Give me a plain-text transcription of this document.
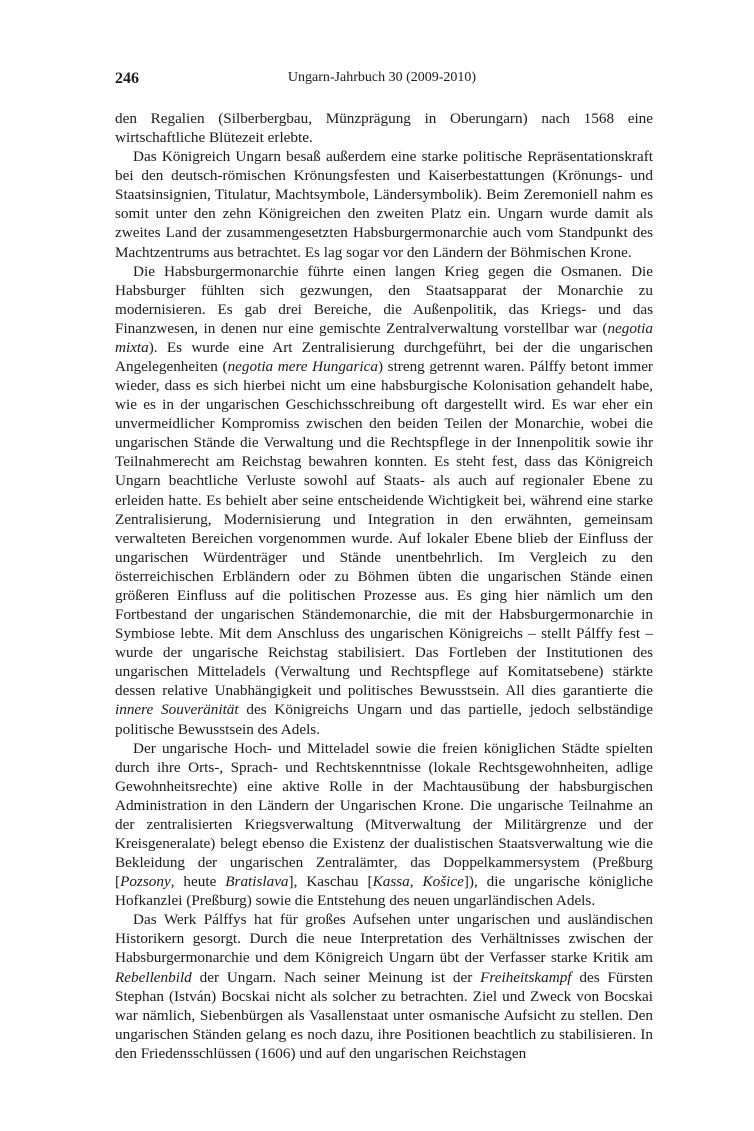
246	Ungarn-Jahrbuch 30 (2009-2010)

den Regalien (Silberbergbau, Münzprägung in Oberungarn) nach 1568 eine wirtschaftliche Blütezeit erlebte.

Das Königreich Ungarn besaß außerdem eine starke politische Repräsentationskraft bei den deutsch-römischen Krönungsfesten und Kaiserbestattungen (Krönungs- und Staatsinsignien, Titulatur, Machtsymbole, Ländersymbolik). Beim Zeremoniell nahm es somit unter den zehn Königreichen den zweiten Platz ein. Ungarn wurde damit als zweites Land der zusammengesetzten Habsburgermonarchie auch vom Standpunkt des Machtzentrums aus betrachtet. Es lag sogar vor den Ländern der Böhmischen Krone.

Die Habsburgermonarchie führte einen langen Krieg gegen die Osmanen. Die Habsburger fühlten sich gezwungen, den Staatsapparat der Monarchie zu modernisieren. Es gab drei Bereiche, die Außenpolitik, das Kriegs- und das Finanzwesen, in denen nur eine gemischte Zentralverwaltung vorstellbar war (negotia mixta). Es wurde eine Art Zentralisierung durchgeführt, bei der die ungarischen Angelegenheiten (negotia mere Hungarica) streng getrennt waren. Pálffy betont immer wieder, dass es sich hierbei nicht um eine habsburgische Kolonisation gehandelt habe, wie es in der ungarischen Geschichsschreibung oft dargestellt wird. Es war eher ein unvermeidlicher Kompromiss zwischen den beiden Teilen der Monarchie, wobei die ungarischen Stände die Verwaltung und die Rechtspflege in der Innenpolitik sowie ihr Teilnahmerecht am Reichstag bewahren konnten. Es steht fest, dass das Königreich Ungarn beachtliche Verluste sowohl auf Staats- als auch auf regionaler Ebene zu erleiden hatte. Es behielt aber seine entscheidende Wichtigkeit bei, während eine starke Zentralisierung, Modernisierung und Integration in den erwähnten, gemeinsam verwalteten Bereichen vorgenommen wurde. Auf lokaler Ebene blieb der Einfluss der ungarischen Würdenträger und Stände unentbehrlich. Im Vergleich zu den österreichischen Erbländern oder zu Böhmen übten die ungarischen Stände einen größeren Einfluss auf die politischen Prozesse aus. Es ging hier nämlich um den Fortbestand der ungarischen Ständemonarchie, die mit der Habsburgermonarchie in Symbiose lebte. Mit dem Anschluss des ungarischen Königreichs – stellt Pálffy fest – wurde der ungarische Reichstag stabilisiert. Das Fortleben der Institutionen des ungarischen Mitteladels (Verwaltung und Rechtspflege auf Komitatsebene) stärkte dessen relative Unabhängigkeit und politisches Bewusstsein. All dies garantierte die innere Souveränität des Königreichs Ungarn und das partielle, jedoch selbständige politische Bewusstsein des Adels.

Der ungarische Hoch- und Mitteladel sowie die freien königlichen Städte spielten durch ihre Orts-, Sprach- und Rechtskenntnisse (lokale Rechtsgewohnheiten, adlige Gewohnheitsrechte) eine aktive Rolle in der Machtausübung der habsburgischen Administration in den Ländern der Ungarischen Krone. Die ungarische Teilnahme an der zentralisierten Kriegsverwaltung (Mitverwaltung der Militärgrenze und der Kreisgeneralate) belegt ebenso die Existenz der dualistischen Staatsverwaltung wie die Bekleidung der ungarischen Zentralämter, das Doppelkammersystem (Preßburg [Pozsony, heute Bratislava], Kaschau [Kassa, Košice]), die ungarische königliche Hofkanzlei (Preßburg) sowie die Entstehung des neuen ungarländischen Adels.

Das Werk Pálffys hat für großes Aufsehen unter ungarischen und ausländischen Historikern gesorgt. Durch die neue Interpretation des Verhältnisses zwischen der Habsburgermonarchie und dem Königreich Ungarn übt der Verfasser starke Kritik am Rebellenbild der Ungarn. Nach seiner Meinung ist der Freiheitskampf des Fürsten Stephan (István) Bocskai nicht als solcher zu betrachten. Ziel und Zweck von Bocskai war nämlich, Siebenbürgen als Vasallenstaat unter osmanische Aufsicht zu stellen. Den ungarischen Ständen gelang es noch dazu, ihre Positionen beachtlich zu stabilisieren. In den Friedensschlüssen (1606) und auf den ungarischen Reichstagen
